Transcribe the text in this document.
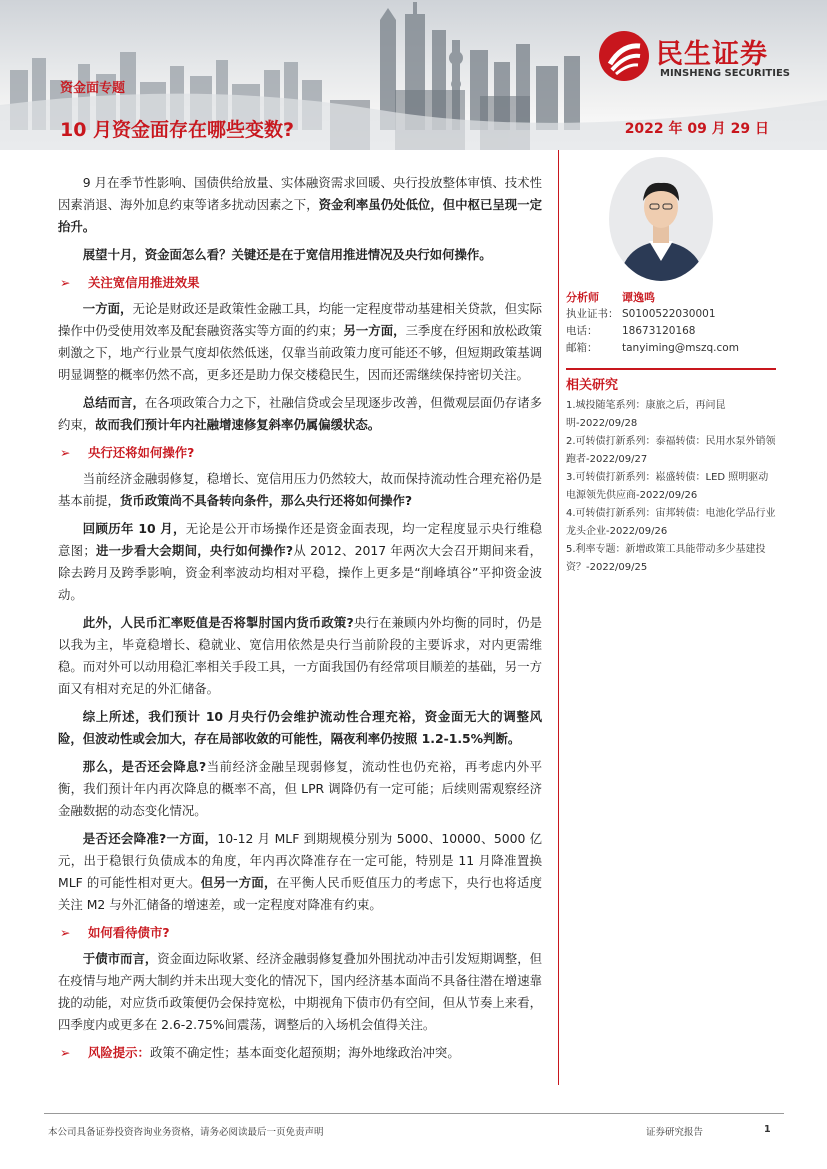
资金面专题
10 月资金面存在哪些变数?	2022 年 09 月 29 日
民生证券
MINSHENG SECURITIES

9 月在季节性影响、国债供给放量、实体融资需求回暖、央行投放整体审慎、技术性因素消退、海外加息约束等诸多扰动因素之下，资金利率虽仍处低位，但中枢已呈现一定抬升。

展望十月，资金面怎么看？关键还是在于宽信用推进情况及央行如何操作。

➢ 关注宽信用推进效果

一方面，无论是财政还是政策性金融工具，均能一定程度带动基建相关贷款，但实际操作中仍受使用效率及配套融资落实等方面的约束；另一方面，三季度在纾困和放松政策刺激之下，地产行业景气度却依然低迷，仅靠当前政策力度可能还不够，但短期政策基调明显调整的概率仍然不高，更多还是助力保交楼稳民生，因而还需继续保持密切关注。

总结而言，在各项政策合力之下，社融信贷或会呈现逐步改善，但微观层面仍存诸多约束，故而我们预计年内社融增速修复斜率仍属偏缓状态。

➢ 央行还将如何操作?

当前经济金融弱修复，稳增长、宽信用压力仍然较大，故而保持流动性合理充裕仍是基本前提，货币政策尚不具备转向条件，那么央行还将如何操作?

回顾历年 10 月，无论是公开市场操作还是资金面表现，均一定程度显示央行维稳意图；进一步看大会期间，央行如何操作?从 2012、2017 年两次大会召开期间来看，除去跨月及跨季影响，资金利率波动均相对平稳，操作上更多是“削峰填谷”平抑资金波动。

此外，人民币汇率贬值是否将掣肘国内货币政策?央行在兼顾内外均衡的同时，仍是以我为主，毕竟稳增长、稳就业、宽信用依然是央行当前阶段的主要诉求，对内更需维稳。而对外可以动用稳汇率相关手段工具，一方面我国仍有经常项目顺差的基础，另一方面又有相对充足的外汇储备。

综上所述，我们预计 10 月央行仍会维护流动性合理充裕，资金面无大的调整风险，但波动性或会加大，存在局部收敛的可能性，隔夜利率仍按照 1.2-1.5%判断。

那么，是否还会降息?当前经济金融呈现弱修复，流动性也仍充裕，再考虑内外平衡，我们预计年内再次降息的概率不高，但 LPR 调降仍有一定可能；后续则需观察经济金融数据的动态变化情况。

是否还会降准?一方面，10-12 月 MLF 到期规模分别为 5000、10000、5000 亿元，出于稳银行负债成本的角度，年内再次降准存在一定可能，特别是 11 月降准置换 MLF 的可能性相对更大。但另一方面，在平衡人民币贬值压力的考虑下，央行也将适度关注 M2 与外汇储备的增速差，或一定程度对降准有约束。

➢ 如何看待债市?

于债市而言，资金面边际收紧、经济金融弱修复叠加外围扰动冲击引发短期调整，但在疫情与地产两大制约并未出现大变化的情况下，国内经济基本面尚不具备往潜在增速靠拢的动能，对应货币政策便仍会保持宽松，中期视角下债市仍有空间，但从节奏上来看，四季度内或更多在 2.6-2.75%间震荡，调整后的入场机会值得关注。

➢ 风险提示：政策不确定性；基本面变化超预期；海外地缘政治冲突。
分析师	谭逸鸣
执业证书： S0100522030001
电话：	18673120168
邮箱：	tanyiming@mszq.com
相关研究
1.城投随笔系列：康旅之后，再问昆明-2022/09/28
2.可转债打新系列：泰福转债：民用水泵外销领跑者-2022/09/27
3.可转债打新系列：崧盛转债：LED 照明驱动电源领先供应商-2022/09/26
4.可转债打新系列：宙邦转债：电池化学品行业龙头企业-2022/09/26
5.利率专题：新增政策工具能带动多少基建投资？-2022/09/25
本公司具备证券投资咨询业务资格，请务必阅读最后一页免责声明	证券研究报告	1
